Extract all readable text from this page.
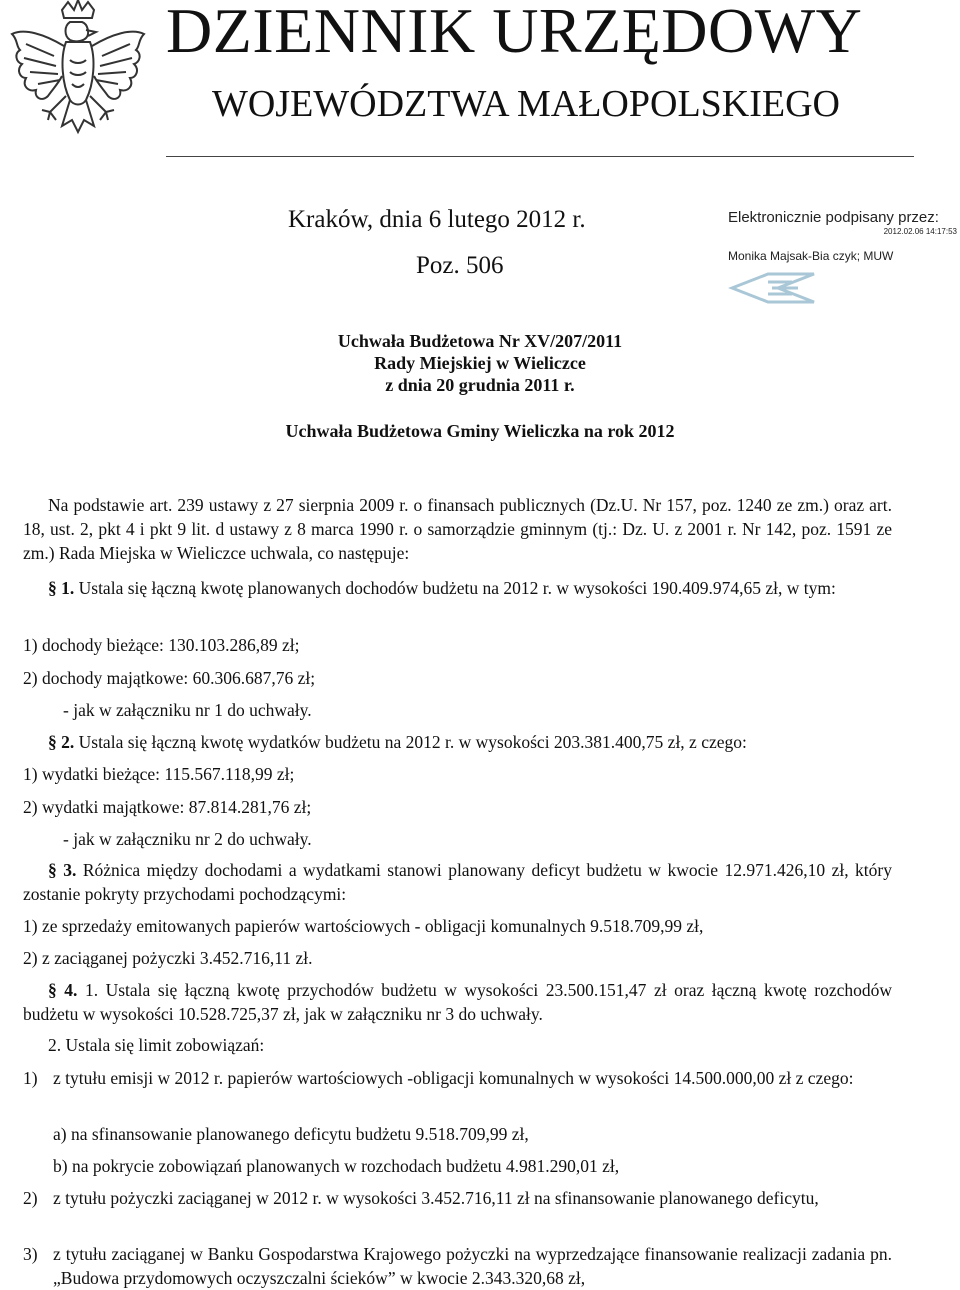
DZIENNIK URZĘDOWY
WOJEWÓDZTWA MAŁOPOLSKIEGO
Kraków, dnia 6 lutego 2012 r.
Poz. 506
Elektronicznie podpisany przez:
2012.02.06 14:17:53
Monika Majsak-Bia czyk; MUW
Uchwała Budżetowa Nr XV/207/2011
Rady Miejskiej w Wieliczce
z dnia 20 grudnia 2011 r.
Uchwała Budżetowa Gminy Wieliczka na rok 2012
Na podstawie art. 239 ustawy z 27 sierpnia 2009 r. o finansach publicznych (Dz.U. Nr 157, poz. 1240 ze zm.) oraz art. 18, ust. 2, pkt 4 i pkt 9 lit. d ustawy z 8 marca 1990 r. o samorządzie gminnym (tj.: Dz. U. z 2001 r. Nr 142, poz. 1591 ze zm.) Rada Miejska w Wieliczce uchwala, co następuje:
§ 1. Ustala się łączną kwotę planowanych dochodów budżetu na 2012 r. w wysokości 190.409.974,65 zł, w tym:
1) dochody bieżące: 130.103.286,89 zł;
2) dochody majątkowe: 60.306.687,76 zł;
- jak w załączniku nr 1 do uchwały.
§ 2. Ustala się łączną kwotę wydatków budżetu na 2012 r. w wysokości 203.381.400,75 zł, z czego:
1) wydatki bieżące: 115.567.118,99 zł;
2) wydatki majątkowe: 87.814.281,76 zł;
- jak w załączniku nr 2 do uchwały.
§ 3. Różnica między dochodami a wydatkami stanowi planowany deficyt budżetu w kwocie 12.971.426,10 zł, który zostanie pokryty przychodami pochodzącymi:
1) ze sprzedaży emitowanych papierów wartościowych - obligacji komunalnych 9.518.709,99 zł,
2) z zaciąganej pożyczki 3.452.716,11 zł.
§ 4. 1. Ustala się łączną kwotę przychodów budżetu w wysokości 23.500.151,47 zł oraz łączną kwotę rozchodów budżetu w wysokości 10.528.725,37 zł, jak w załączniku nr 3 do uchwały.
2. Ustala się limit zobowiązań:
1) z tytułu emisji w 2012 r. papierów wartościowych -obligacji komunalnych w wysokości 14.500.000,00 zł z czego:
a) na sfinansowanie planowanego deficytu budżetu 9.518.709,99 zł,
b) na pokrycie zobowiązań planowanych w rozchodach budżetu 4.981.290,01 zł,
2) z tytułu pożyczki zaciąganej w 2012 r. w wysokości 3.452.716,11 zł na sfinansowanie planowanego deficytu,
3) z tytułu zaciąganej w Banku Gospodarstwa Krajowego pożyczki na wyprzedzające finansowanie realizacji zadania pn. „Budowa przydomowych oczyszczalni ścieków” w kwocie 2.343.320,68 zł,
